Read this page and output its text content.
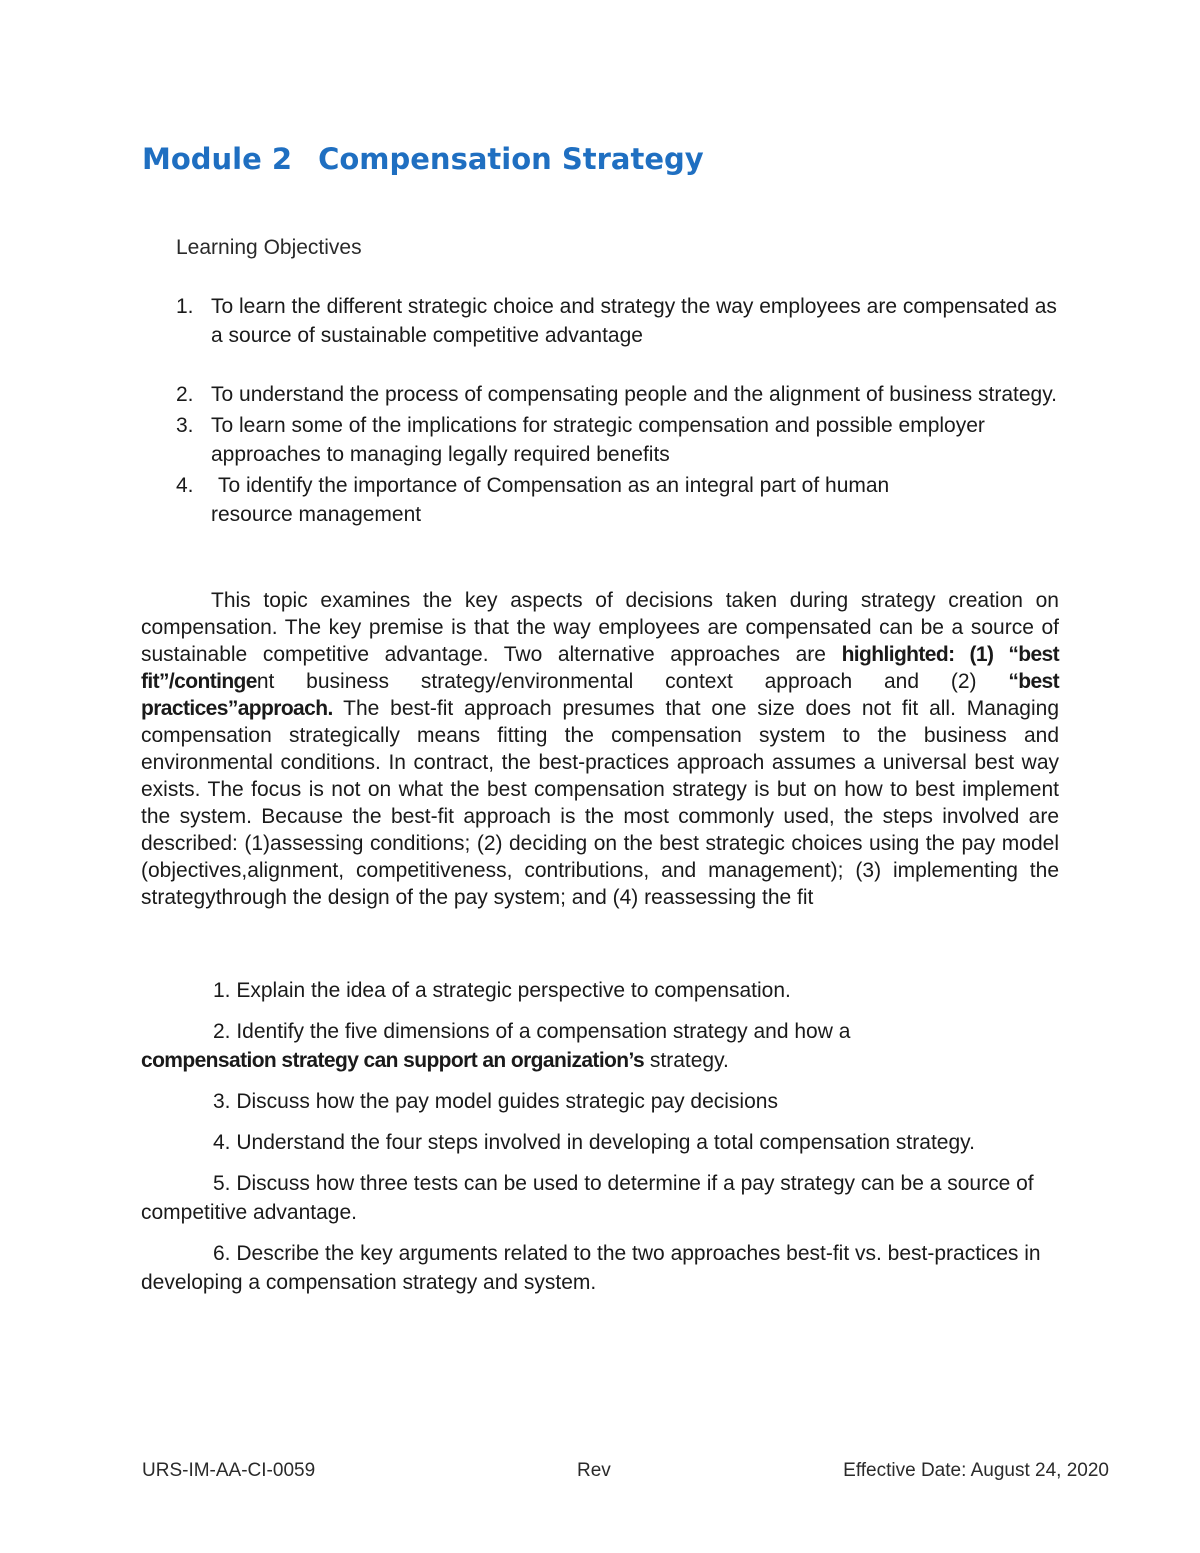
Module 2 Compensation Strategy
Learning Objectives
1. To learn the different strategic choice and strategy the way employees are compensated as a source of sustainable competitive advantage
2. To understand the process of compensating people and the alignment of business strategy.
3. To learn some of the implications for strategic compensation and possible employer approaches to managing legally required benefits
4. To identify the importance of Compensation as an integral part of human
resource management

This topic examines the key aspects of decisions taken during strategy creation on compensation. The key premise is that the way employees are compensated can be a source of sustainable competitive advantage. Two alternative approaches are highlighted: (1) “best fit”/contingent business strategy/environmental context approach and (2) “best practices”approach. The best-fit approach presumes that one size does not fit all. Managing compensation strategically means fitting the compensation system to the business and environmental conditions. In contract, the best-practices approach assumes a universal best way exists. The focus is not on what the best compensation strategy is but on how to best implement the system. Because the best-fit approach is the most commonly used, the steps involved are described: (1)assessing conditions; (2) deciding on the best strategic choices using the pay model (objectives,alignment, competitiveness, contributions, and management); (3) implementing the strategythrough the design of the pay system; and (4) reassessing the fit

1. Explain the idea of a strategic perspective to compensation.

2. Identify the five dimensions of a compensation strategy and how a
compensation strategy can support an organization’s strategy.

3. Discuss how the pay model guides strategic pay decisions

4. Understand the four steps involved in developing a total compensation strategy.

5. Discuss how three tests can be used to determine if a pay strategy can be a source of competitive advantage.

6. Describe the key arguments related to the two approaches best-fit vs. best-practices in developing a compensation strategy and system.

URS-IM-AA-CI-0059	Rev	Effective Date: August 24, 2020
